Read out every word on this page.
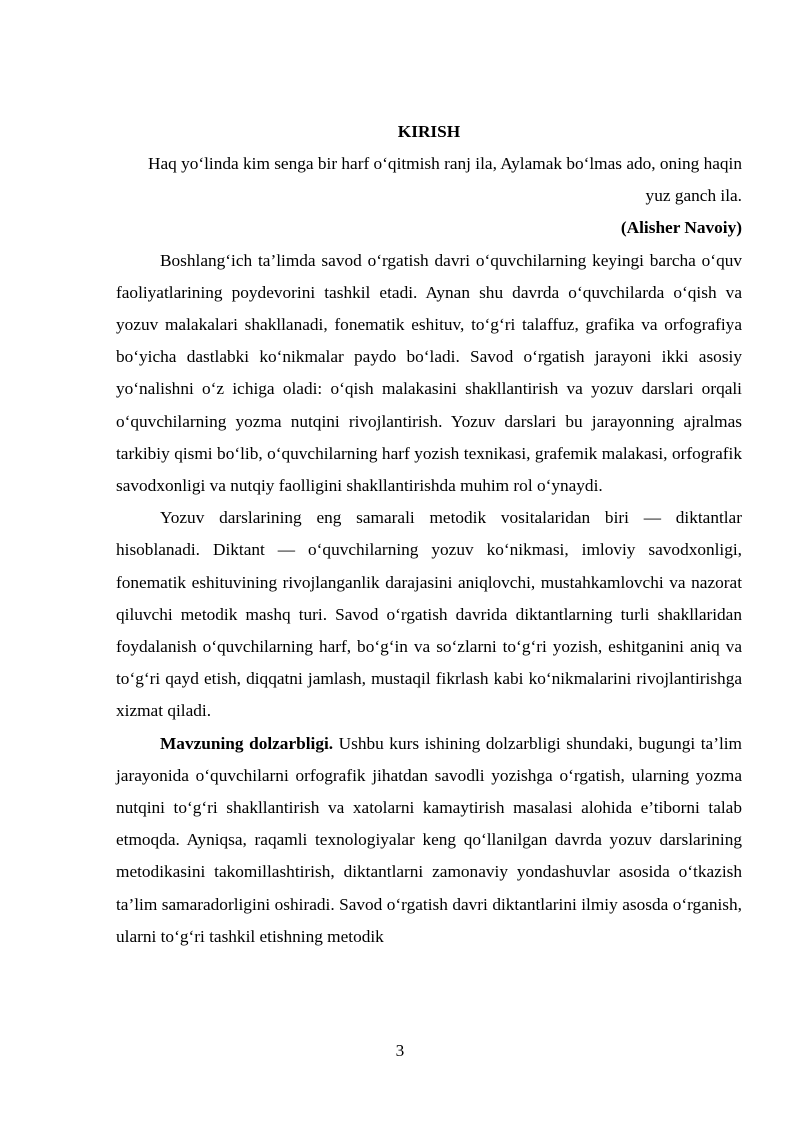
KIRISH
Haq yo‘linda kim senga bir harf o‘qitmish ranj ila, Aylamak bo‘lmas ado, oning haqin yuz ganch ila.
(Alisher Navoiy)

Boshlang‘ich ta’limda savod o‘rgatish davri o‘quvchilarning keyingi barcha o‘quv faoliyatlarining poydevorini tashkil etadi. Aynan shu davrda o‘quvchilarda o‘qish va yozuv malakalari shakllanadi, fonematik eshituv, to‘g‘ri talaffuz, grafika va orfografiya bo‘yicha dastlabki ko‘nikmalar paydo bo‘ladi. Savod o‘rgatish jarayoni ikki asosiy yo‘nalishni o‘z ichiga oladi: o‘qish malakasini shakllantirish va yozuv darslari orqali o‘quvchilarning yozma nutqini rivojlantirish. Yozuv darslari bu jarayonning ajralmas tarkibiy qismi bo‘lib, o‘quvchilarning harf yozish texnikasi, grafemik malakasi, orfografik savodxonligi va nutqiy faolligini shakllantirishda muhim rol o‘ynaydi.

Yozuv darslarining eng samarali metodik vositalaridan biri — diktantlar hisoblanadi. Diktant — o‘quvchilarning yozuv ko‘nikmasi, imloviy savodxonligi, fonematik eshituvining rivojlanganlik darajasini aniqlovchi, mustahkamlovchi va nazorat qiluvchi metodik mashq turi. Savod o‘rgatish davrida diktantlarning turli shakllaridan foydalanish o‘quvchilarning harf, bo‘g‘in va so‘zlarni to‘g‘ri yozish, eshitganini aniq va to‘g‘ri qayd etish, diqqatni jamlash, mustaqil fikrlash kabi ko‘nikmalarini rivojlantirishga xizmat qiladi.

Mavzuning dolzarbligi. Ushbu kurs ishining dolzarbligi shundaki, bugungi ta’lim jarayonida o‘quvchilarni orfografik jihatdan savodli yozishga o‘rgatish, ularning yozma nutqini to‘g‘ri shakllantirish va xatolarni kamaytirish masalasi alohida e’tiborni talab etmoqda. Ayniqsa, raqamli texnologiyalar keng qo‘llanilgan davrda yozuv darslarining metodikasini takomillashtirish, diktantlarni zamonaviy yondashuvlar asosida o‘tkazish ta’lim samaradorligini oshiradi. Savod o‘rgatish davri diktantlarini ilmiy asosda o‘rganish, ularni to‘g‘ri tashkil etishning metodik

3
